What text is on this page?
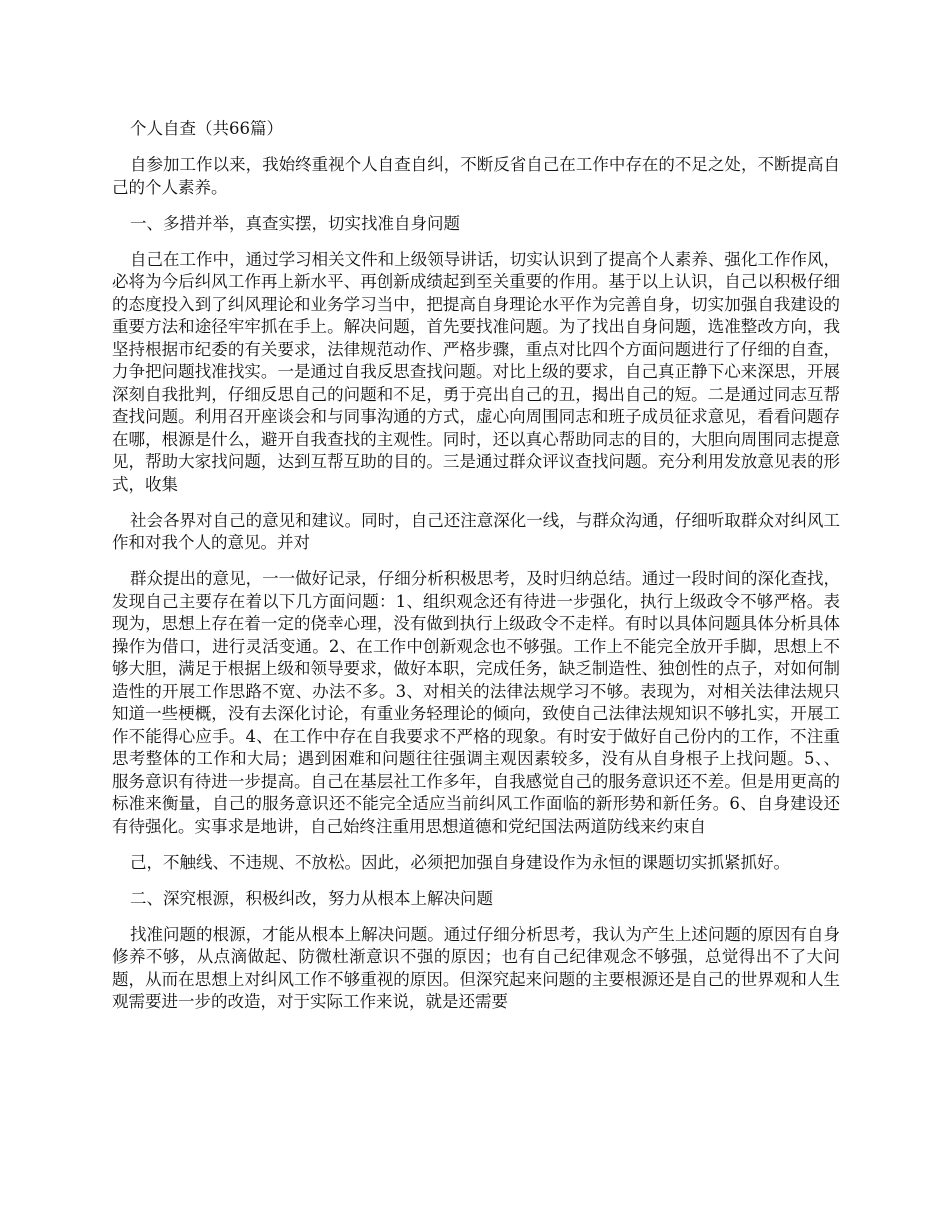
个人自查（共66篇）

自参加工作以来，我始终重视个人自查自纠，不断反省自己在工作中存在的不足之处，不断提高自己的个人素养。

一、多措并举，真查实摆，切实找准自身问题

自己在工作中，通过学习相关文件和上级领导讲话，切实认识到了提高个人素养、强化工作作风，必将为今后纠风工作再上新水平、再创新成绩起到至关重要的作用。基于以上认识，自己以积极仔细的态度投入到了纠风理论和业务学习当中，把提高自身理论水平作为完善自身，切实加强自我建设的重要方法和途径牢牢抓在手上。解决问题，首先要找准问题。为了找出自身问题，选准整改方向，我坚持根据市纪委的有关要求，法律规范动作、严格步骤，重点对比四个方面问题进行了仔细的自查，力争把问题找准找实。一是通过自我反思查找问题。对比上级的要求，自己真正静下心来深思，开展深刻自我批判，仔细反思自己的问题和不足，勇于亮出自己的丑，揭出自己的短。二是通过同志互帮查找问题。利用召开座谈会和与同事沟通的方式，虚心向周围同志和班子成员征求意见，看看问题存在哪，根源是什么，避开自我查找的主观性。同时，还以真心帮助同志的目的，大胆向周围同志提意见，帮助大家找问题，达到互帮互助的目的。三是通过群众评议查找问题。充分利用发放意见表的形式，收集

社会各界对自己的意见和建议。同时，自己还注意深化一线，与群众沟通，仔细听取群众对纠风工作和对我个人的意见。并对

群众提出的意见，一一做好记录，仔细分析积极思考，及时归纳总结。通过一段时间的深化查找，发现自己主要存在着以下几方面问题：1、组织观念还有待进一步强化，执行上级政令不够严格。表现为，思想上存在着一定的侥幸心理，没有做到执行上级政令不走样。有时以具体问题具体分析具体操作为借口，进行灵活变通。2、在工作中创新观念也不够强。工作上不能完全放开手脚，思想上不够大胆，满足于根据上级和领导要求，做好本职，完成任务，缺乏制造性、独创性的点子，对如何制造性的开展工作思路不宽、办法不多。3、对相关的法律法规学习不够。表现为，对相关法律法规只知道一些梗概，没有去深化讨论，有重业务轻理论的倾向，致使自己法律法规知识不够扎实，开展工作不能得心应手。4、在工作中存在自我要求不严格的现象。有时安于做好自己份内的工作，不注重思考整体的工作和大局；遇到困难和问题往往强调主观因素较多，没有从自身根子上找问题。5、、服务意识有待进一步提高。自己在基层社工作多年，自我感觉自己的服务意识还不差。但是用更高的标准来衡量，自己的服务意识还不能完全适应当前纠风工作面临的新形势和新任务。6、自身建设还有待强化。实事求是地讲，自己始终注重用思想道德和党纪国法两道防线来约束自

己，不触线、不违规、不放松。因此，必须把加强自身建设作为永恒的课题切实抓紧抓好。

二、深究根源，积极纠改，努力从根本上解决问题

找准问题的根源，才能从根本上解决问题。通过仔细分析思考，我认为产生上述问题的原因有自身修养不够，从点滴做起、防微杜渐意识不强的原因；也有自己纪律观念不够强，总觉得出不了大问题，从而在思想上对纠风工作不够重视的原因。但深究起来问题的主要根源还是自己的世界观和人生观需要进一步的改造，对于实际工作来说，就是还需要
